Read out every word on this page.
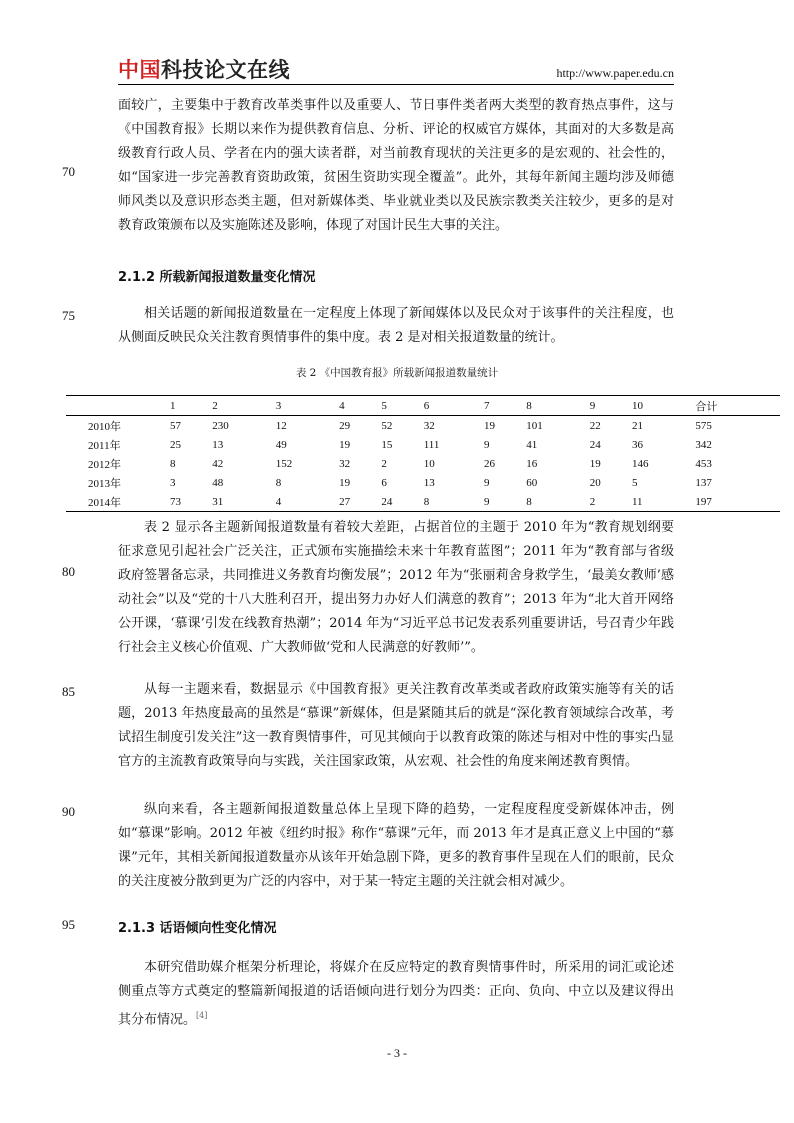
中国科技论文在线	http://www.paper.edu.cn
70
75
80
85
90
95

面较广，主要集中于教育改革类事件以及重要人、节日事件类者两大类型的教育热点事件，这与《中国教育报》长期以来作为提供教育信息、分析、评论的权威官方媒体，其面对的大多数是高级教育行政人员、学者在内的强大读者群，对当前教育现状的关注更多的是宏观的、社会性的，如“国家进一步完善教育资助政策，贫困生资助实现全覆盖”。此外，其每年新闻主题均涉及师德师风类以及意识形态类主题，但对新媒体类、毕业就业类以及民族宗教类关注较少，更多的是对教育政策颁布以及实施陈述及影响，体现了对国计民生大事的关注。

2.1.2 所载新闻报道数量变化情况

相关话题的新闻报道数量在一定程度上体现了新闻媒体以及民众对于该事件的关注程度，也从侧面反映民众关注教育舆情事件的集中度。表 2 是对相关报道数量的统计。

表 2 《中国教育报》所载新闻报道数量统计
	1	2	3	4	5	6	7	8	9	10	合计
2010年	57	230	12	29	52	32	19	101	22	21	575
2011年	25	13	49	19	15	111	9	41	24	36	342
2012年	8	42	152	32	2	10	26	16	19	146	453
2013年	3	48	8	19	6	13	9	60	20	5	137
2014年	73	31	4	27	24	8	9	8	2	11	197

表 2 显示各主题新闻报道数量有着较大差距，占据首位的主题于 2010 年为“教育规划纲要征求意见引起社会广泛关注，正式颁布实施描绘未来十年教育蓝图”；2011 年为“教育部与省级政府签署备忘录，共同推进义务教育均衡发展”；2012 年为“张丽莉舍身救学生，‘最美女教师’感动社会”以及“党的十八大胜利召开，提出努力办好人们满意的教育”；2013 年为“北大首开网络公开课，‘慕课’引发在线教育热潮”；2014 年为“习近平总书记发表系列重要讲话，号召青少年践行社会主义核心价值观、广大教师做‘党和人民满意的好教师’”。

从每一主题来看，数据显示《中国教育报》更关注教育改革类或者政府政策实施等有关的话题，2013 年热度最高的虽然是“慕课”新媒体，但是紧随其后的就是“深化教育领域综合改革，考试招生制度引发关注”这一教育舆情事件，可见其倾向于以教育政策的陈述与相对中性的事实凸显官方的主流教育政策导向与实践，关注国家政策，从宏观、社会性的角度来阐述教育舆情。

纵向来看，各主题新闻报道数量总体上呈现下降的趋势，一定程度程度受新媒体冲击，例如“慕课”影响。2012 年被《纽约时报》称作“慕课”元年，而 2013 年才是真正意义上中国的“慕课”元年，其相关新闻报道数量亦从该年开始急剧下降，更多的教育事件呈现在人们的眼前，民众的关注度被分散到更为广泛的内容中，对于某一特定主题的关注就会相对减少。

2.1.3 话语倾向性变化情况

本研究借助媒介框架分析理论，将媒介在反应特定的教育舆情事件时，所采用的词汇或论述侧重点等方式奠定的整篇新闻报道的话语倾向进行划分为四类：正向、负向、中立以及建议得出其分布情况。[4]

- 3 -
